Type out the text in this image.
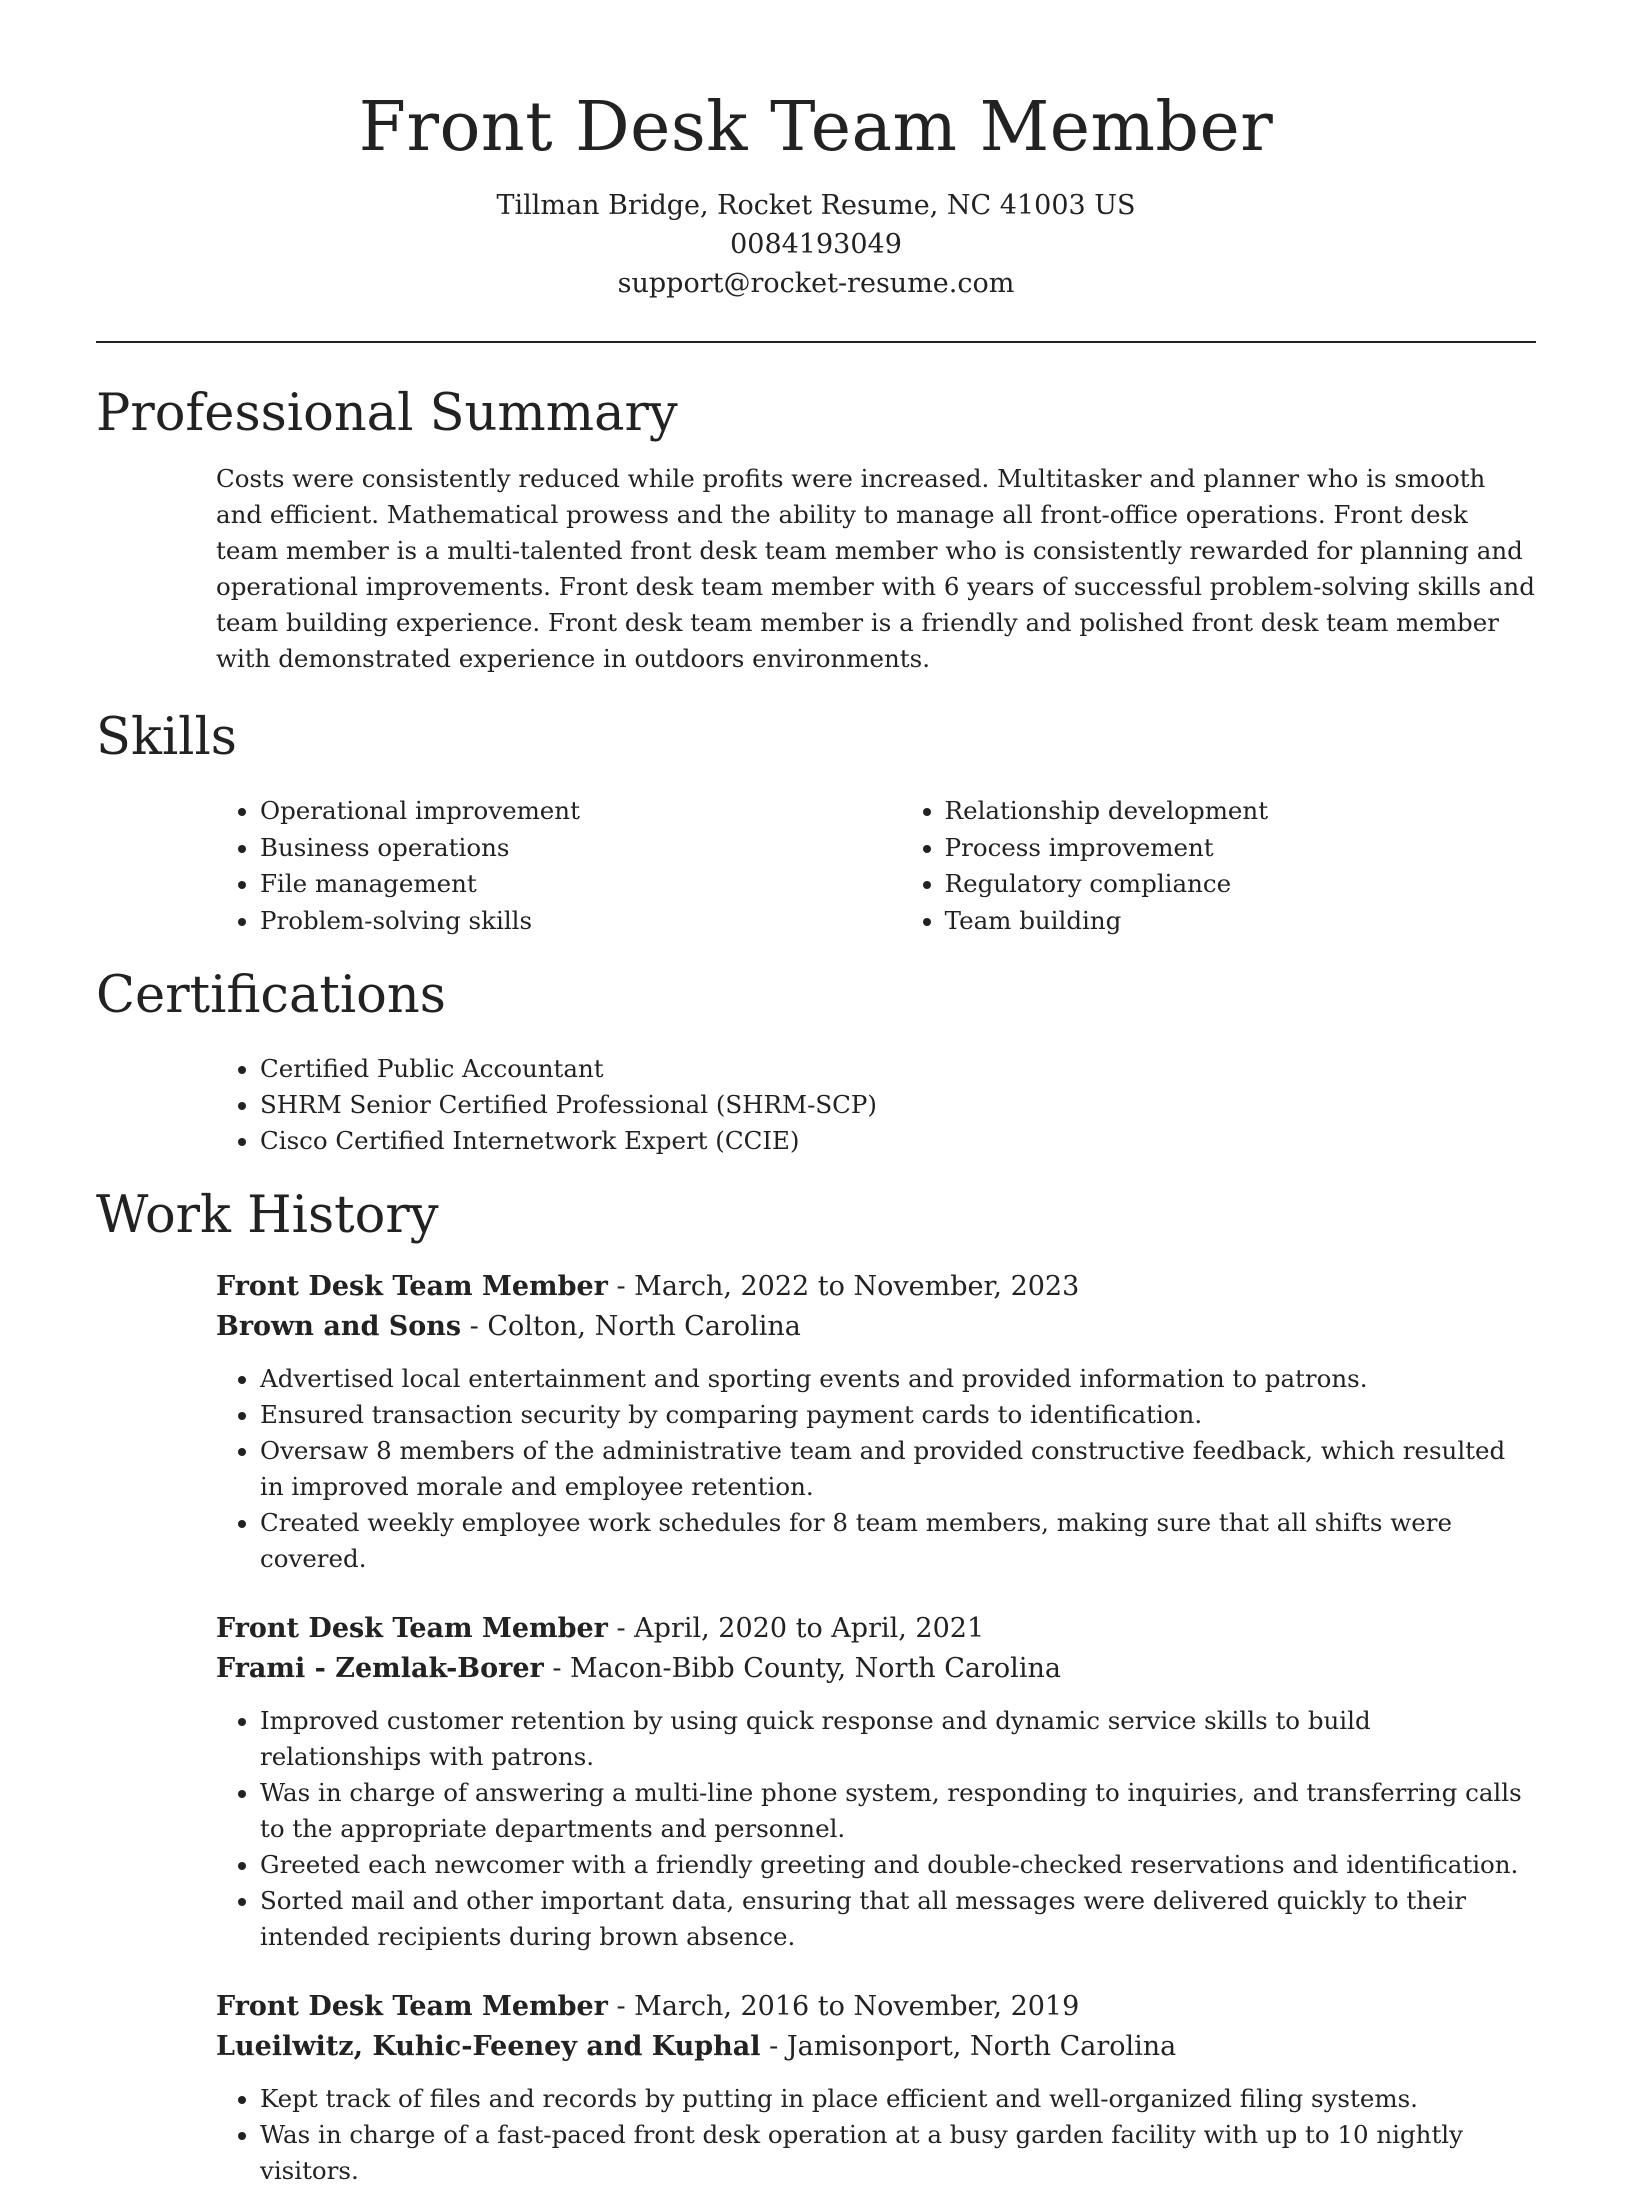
Front Desk Team Member
Tillman Bridge, Rocket Resume, NC 41003 US
0084193049
support@rocket-resume.com
Professional Summary

Costs were consistently reduced while profits were increased. Multitasker and planner who is smooth and efficient. Mathematical prowess and the ability to manage all front-office operations. Front desk team member is a multi-talented front desk team member who is consistently rewarded for planning and operational improvements. Front desk team member with 6 years of successful problem-solving skills and team building experience. Front desk team member is a friendly and polished front desk team member with demonstrated experience in outdoors environments.

Skills
• Operational improvement
• Business operations
• File management
• Problem-solving skills
• Relationship development
• Process improvement
• Regulatory compliance
• Team building
Certifications
• Certified Public Accountant
• SHRM Senior Certified Professional (SHRM-SCP)
• Cisco Certified Internetwork Expert (CCIE)
Work History
Front Desk Team Member - March, 2022 to November, 2023
Brown and Sons - Colton, North Carolina
• Advertised local entertainment and sporting events and provided information to patrons.
• Ensured transaction security by comparing payment cards to identification.
• Oversaw 8 members of the administrative team and provided constructive feedback, which resulted in improved morale and employee retention.
• Created weekly employee work schedules for 8 team members, making sure that all shifts were covered.
Front Desk Team Member - April, 2020 to April, 2021
Frami - Zemlak-Borer - Macon-Bibb County, North Carolina
• Improved customer retention by using quick response and dynamic service skills to build relationships with patrons.
• Was in charge of answering a multi-line phone system, responding to inquiries, and transferring calls to the appropriate departments and personnel.
• Greeted each newcomer with a friendly greeting and double-checked reservations and identification.
• Sorted mail and other important data, ensuring that all messages were delivered quickly to their intended recipients during brown absence.
Front Desk Team Member - March, 2016 to November, 2019
Lueilwitz, Kuhic-Feeney and Kuphal - Jamisonport, North Carolina
• Kept track of files and records by putting in place efficient and well-organized filing systems.
• Was in charge of a fast-paced front desk operation at a busy garden facility with up to 10 nightly visitors.
